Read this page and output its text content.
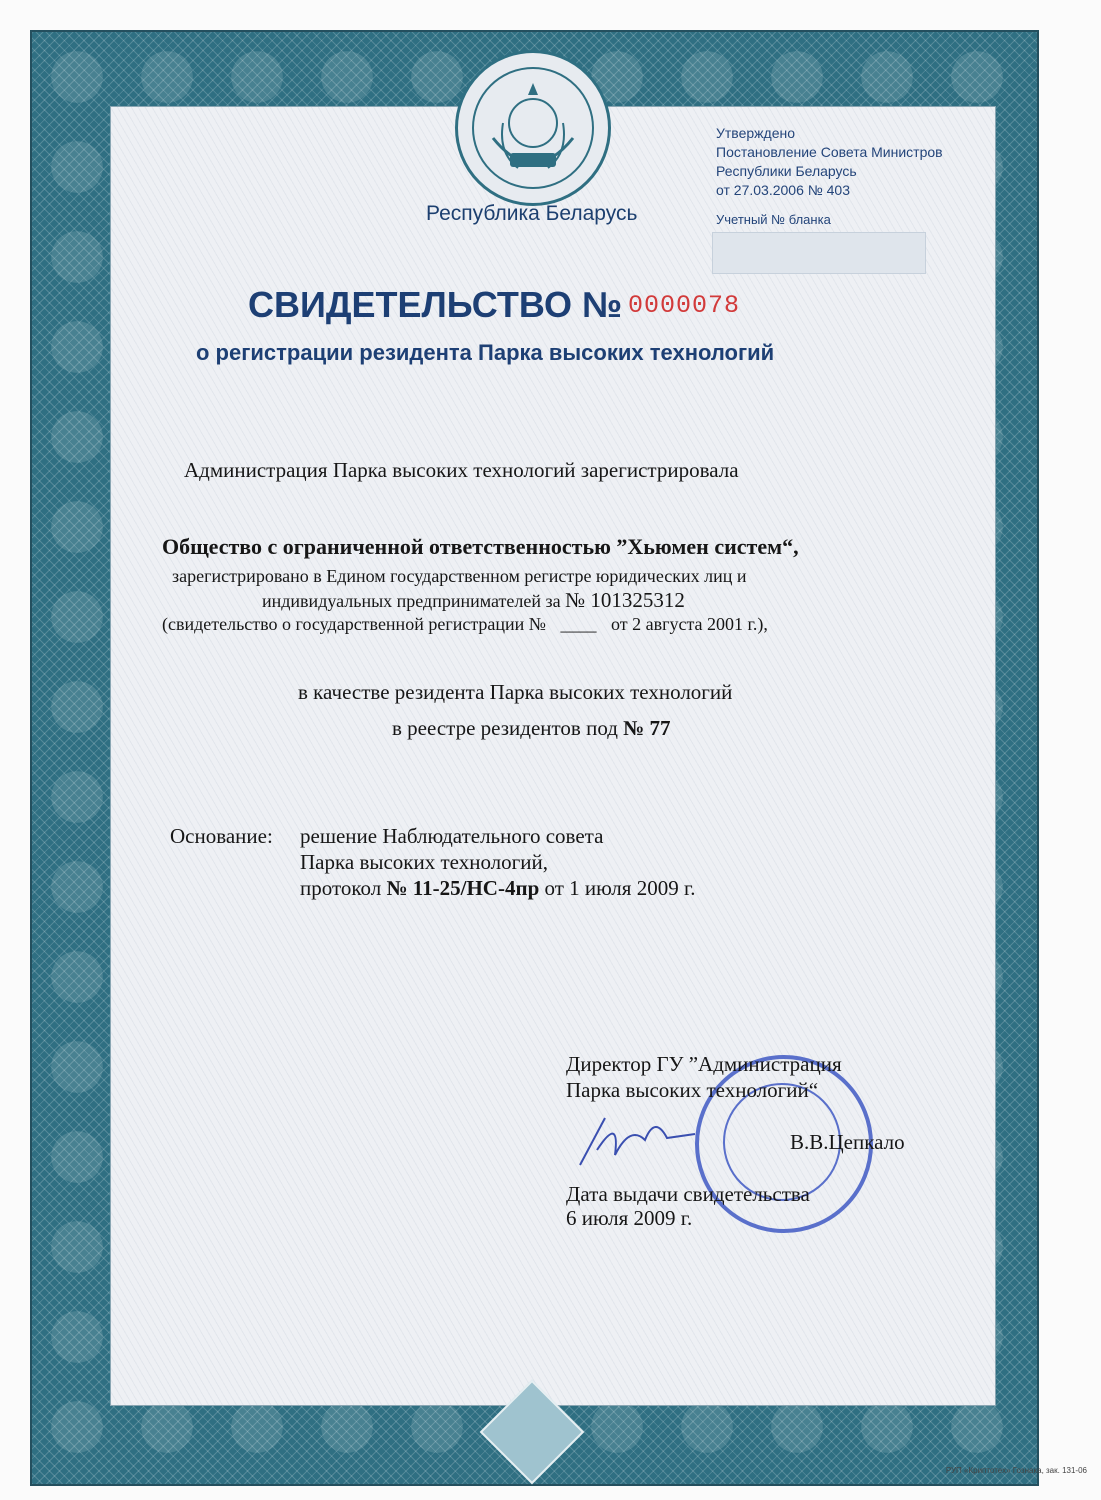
Республика Беларусь

Утверждено
Постановление Совета Министров
Республики Беларусь
от 27.03.2006 № 403

Учетный № бланка

СВИДЕТЕЛЬСТВО № 0000078

о регистрации резидента Парка высоких технологий

Администрация Парка высоких технологий зарегистрировала

Общество с ограниченной ответственностью ”Хьюмен систем“,

зарегистрировано в Едином государственном регистре юридических лиц и

индивидуальных предпринимателей за № 101325312

(свидетельство о государственной регистрации № ____ от 2 августа 2001 г.),

в качестве резидента Парка высоких технологий

в реестре резидентов под № 77

Основание: решение Наблюдательного совета

Парка высоких технологий,

протокол № 11-25/НС-4пр от 1 июля 2009 г.

Директор ГУ ”Администрация

Парка высоких технологий“

В.В.Цепкало

Дата выдачи свидетельства

6 июля 2009 г.

РУП «Криптотех» Гознака, зак. 131-06
